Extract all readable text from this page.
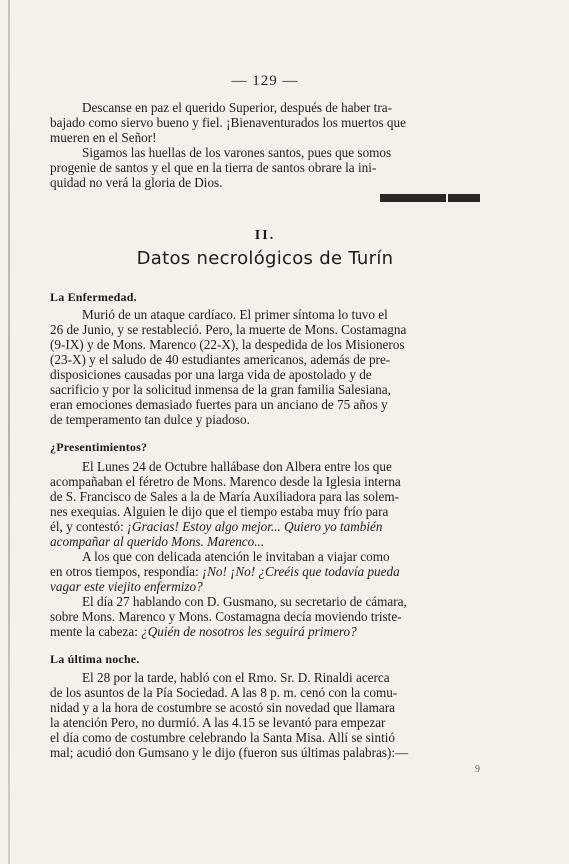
— 129 —

Descanse en paz el querido Superior, después de haber tra-

bajado como siervo bueno y fiel. ¡Bienaventurados los muertos que

mueren en el Señor!

Sigamos las huellas de los varones santos, pues que somos

progenie de santos y el que en la tierra de santos obrare la ini-

quidad no verá la gloria de Dios.

II.
Datos necrológicos de Turín
La Enfermedad.

Murió de un ataque cardíaco. El primer síntoma lo tuvo el

26 de Junio, y se restableció. Pero, la muerte de Mons. Costamagna

(9-IX) y de Mons. Marenco (22-X), la despedida de los Misioneros

(23-X) y el saludo de 40 estudiantes americanos, además de pre-

disposiciones causadas por una larga vida de apostolado y de

sacrificio y por la solicitud inmensa de la gran familia Salesiana,

eran emociones demasiado fuertes para un anciano de 75 años y

de temperamento tan dulce y piadoso.

¿Presentimientos?

El Lunes 24 de Octubre hallábase don Albera entre los que

acompañaban el féretro de Mons. Marenco desde la Iglesia interna

de S. Francisco de Sales a la de María Auxiliadora para las solem-

nes exequias. Alguien le dijo que el tiempo estaba muy frío para

él, y contestó: ¡Gracias! Estoy algo mejor... Quiero yo también

acompañar al querido Mons. Marenco...

A los que con delicada atención le invitaban a viajar como

en otros tiempos, respondía: ¡No! ¡No! ¿Creéis que todavía pueda

vagar este viejito enfermizo?

El día 27 hablando con D. Gusmano, su secretario de cámara,

sobre Mons. Marenco y Mons. Costamagna decía moviendo triste-

mente la cabeza: ¿Quién de nosotros les seguirá primero?

La última noche.

El 28 por la tarde, habló con el Rmo. Sr. D. Rinaldi acerca

de los asuntos de la Pía Sociedad. A las 8 p. m. cenó con la comu-

nidad y a la hora de costumbre se acostó sin novedad que llamara

la atención Pero, no durmió. A las 4.15 se levantó para empezar

el día como de costumbre celebrando la Santa Misa. Allí se sintió

mal; acudió don Gumsano y le dijo (fueron sus últimas palabras):—

9
